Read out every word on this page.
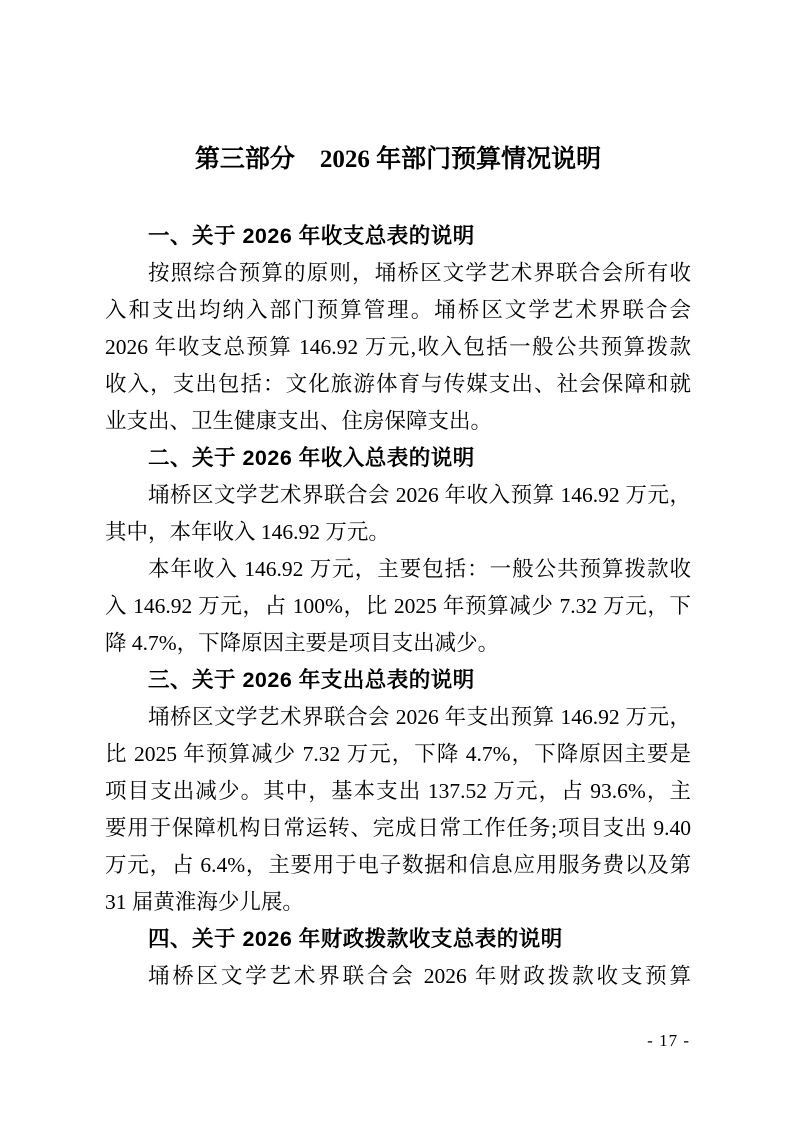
第三部分　2026 年部门预算情况说明
一、关于 2026 年收支总表的说明
按照综合预算的原则，埇桥区文学艺术界联合会所有收
入和支出均纳入部门预算管理。埇桥区文学艺术界联合会
2026 年收支总预算 146.92 万元,收入包括一般公共预算拨款
收入，支出包括：文化旅游体育与传媒支出、社会保障和就
业支出、卫生健康支出、住房保障支出。
二、关于 2026 年收入总表的说明
埇桥区文学艺术界联合会 2026 年收入预算 146.92 万元，
其中，本年收入 146.92 万元。
本年收入 146.92 万元，主要包括：一般公共预算拨款收
入 146.92 万元，占 100%，比 2025 年预算减少 7.32 万元，下
降 4.7%，下降原因主要是项目支出减少。
三、关于 2026 年支出总表的说明
埇桥区文学艺术界联合会 2026 年支出预算 146.92 万元，
比 2025 年预算减少 7.32 万元，下降 4.7%，下降原因主要是
项目支出减少。其中，基本支出 137.52 万元，占 93.6%，主
要用于保障机构日常运转、完成日常工作任务;项目支出 9.40
万元，占 6.4%，主要用于电子数据和信息应用服务费以及第
31 届黄淮海少儿展。
四、关于 2026 年财政拨款收支总表的说明
埇桥区文学艺术界联合会 2026 年财政拨款收支预算
- 17 -
